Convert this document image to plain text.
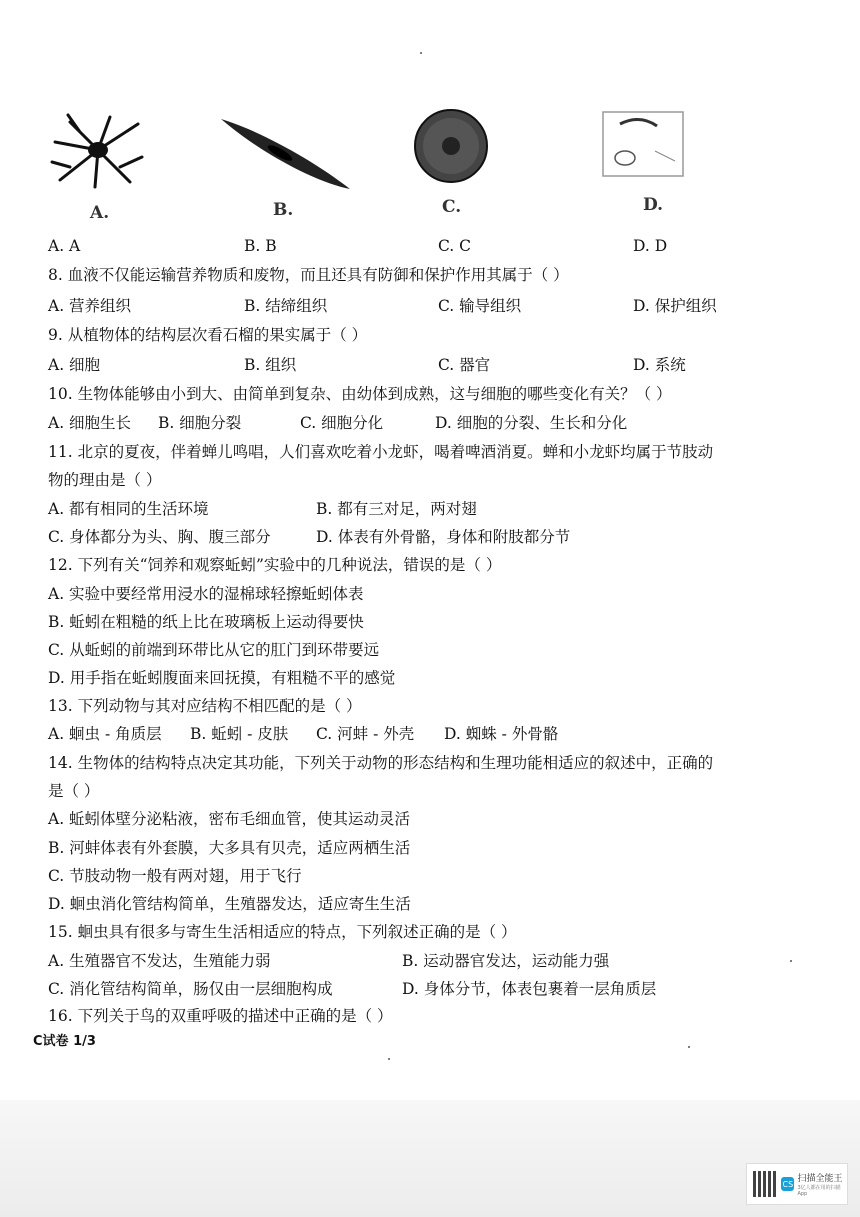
A.	B.	C.	D.
A. A	B. B	C. C	D. D
8. 血液不仅能运输营养物质和废物，而且还具有防御和保护作用其属于（ ）
A. 营养组织	B. 结缔组织	C. 输导组织	D. 保护组织
9. 从植物体的结构层次看石榴的果实属于（ ）
A. 细胞	B. 组织	C. 器官	D. 系统
10. 生物体能够由小到大、由简单到复杂、由幼体到成熟，这与细胞的哪些变化有关？（ ）
A. 细胞生长 B. 细胞分裂	C. 细胞分化	D. 细胞的分裂、生长和分化
11. 北京的夏夜，伴着蝉儿鸣唱，人们喜欢吃着小龙虾，喝着啤酒消夏。蝉和小龙虾均属于节肢动
物的理由是（ ）
A. 都有相同的生活环境	B. 都有三对足，两对翅
C. 身体都分为头、胸、腹三部分	D. 体表有外骨骼，身体和附肢都分节
12. 下列有关“饲养和观察蚯蚓”实验中的几种说法，错误的是（ ）
A. 实验中要经常用浸水的湿棉球轻擦蚯蚓体表
B. 蚯蚓在粗糙的纸上比在玻璃板上运动得要快
C. 从蚯蚓的前端到环带比从它的肛门到环带要远
D. 用手指在蚯蚓腹面来回抚摸，有粗糙不平的感觉
13. 下列动物与其对应结构不相匹配的是（ ）
A. 蛔虫 - 角质层 B. 蚯蚓 - 皮肤 C. 河蚌 - 外壳 D. 蜘蛛 - 外骨骼
14. 生物体的结构特点决定其功能，下列关于动物的形态结构和生理功能相适应的叙述中，正确的
是（ ）
A. 蚯蚓体壁分泌粘液，密布毛细血管，使其运动灵活
B. 河蚌体表有外套膜，大多具有贝壳，适应两栖生活
C. 节肢动物一般有两对翅，用于飞行
D. 蛔虫消化管结构简单，生殖器发达，适应寄生生活
15. 蛔虫具有很多与寄生生活相适应的特点，下列叙述正确的是（ ）
A. 生殖器官不发达，生殖能力弱	B. 运动器官发达，运动能力强
C. 消化管结构简单，肠仅由一层细胞构成	D. 身体分节，体表包裹着一层角质层
16. 下列关于鸟的双重呼吸的描述中正确的是（ ）
C试卷 1/3
CS 扫描全能王
3亿人都在用的扫描App
